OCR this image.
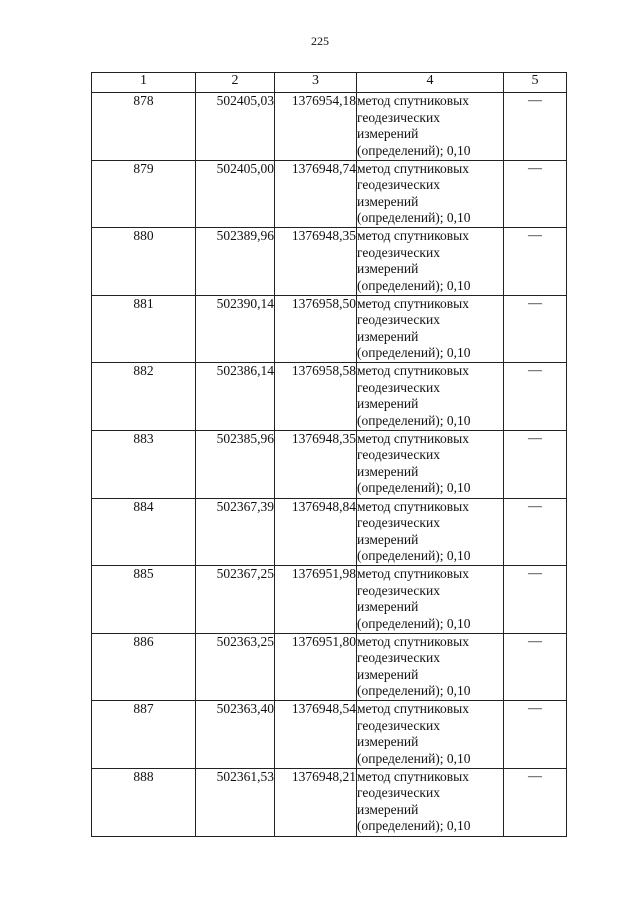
225
1	2	3	4	5
878	502405,03	1376954,18	метод спутниковых геодезических измерений (определений); 0,10	—
879	502405,00	1376948,74	метод спутниковых геодезических измерений (определений); 0,10	—
880	502389,96	1376948,35	метод спутниковых геодезических измерений (определений); 0,10	—
881	502390,14	1376958,50	метод спутниковых геодезических измерений (определений); 0,10	—
882	502386,14	1376958,58	метод спутниковых геодезических измерений (определений); 0,10	—
883	502385,96	1376948,35	метод спутниковых геодезических измерений (определений); 0,10	—
884	502367,39	1376948,84	метод спутниковых геодезических измерений (определений); 0,10	—
885	502367,25	1376951,98	метод спутниковых геодезических измерений (определений); 0,10	—
886	502363,25	1376951,80	метод спутниковых геодезических измерений (определений); 0,10	—
887	502363,40	1376948,54	метод спутниковых геодезических измерений (определений); 0,10	—
888	502361,53	1376948,21	метод спутниковых геодезических измерений (определений); 0,10	—
